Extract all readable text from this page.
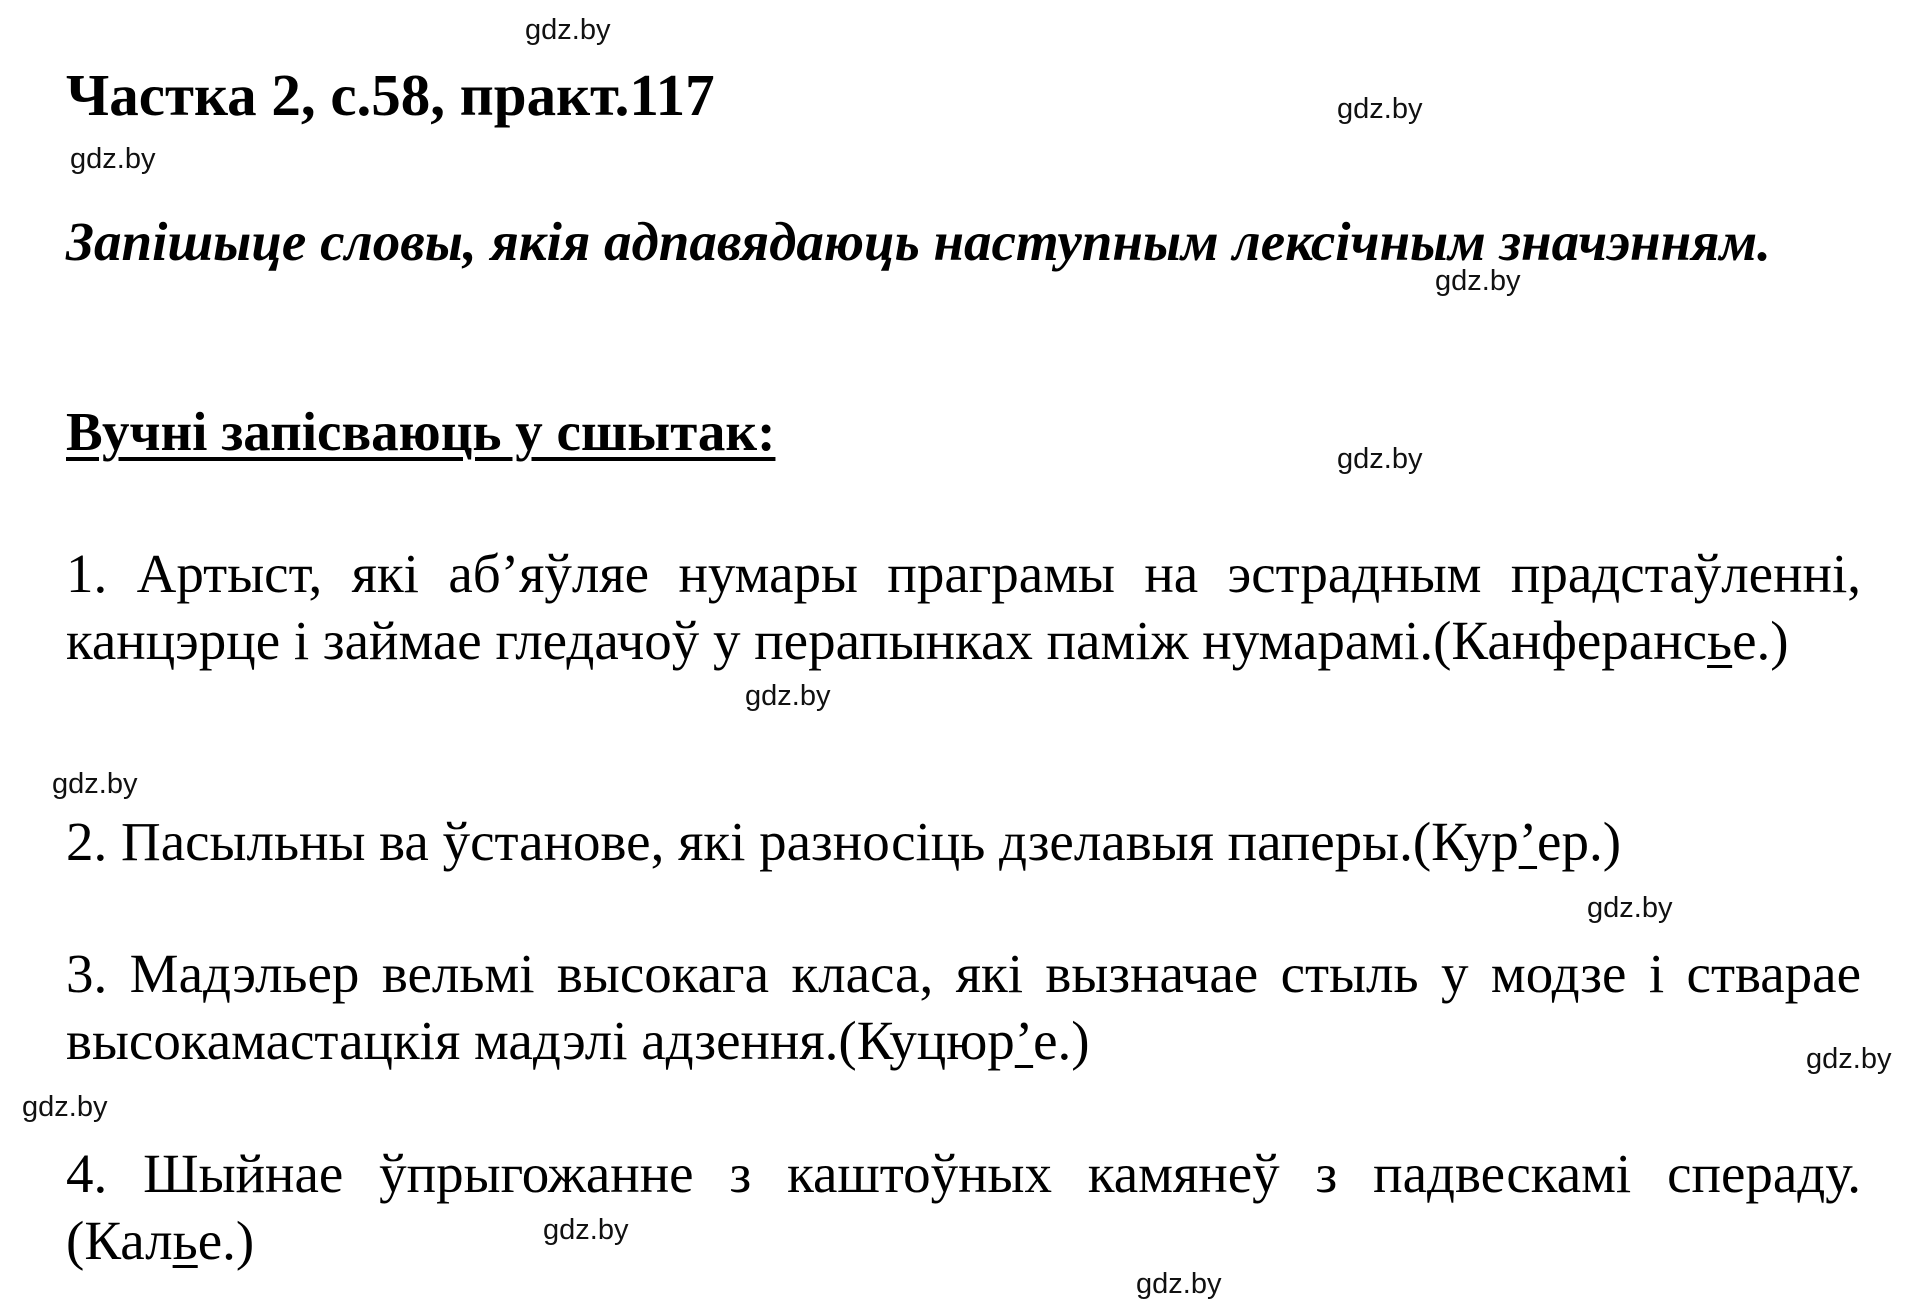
gdz.by
gdz.by
gdz.by
gdz.by
gdz.by
gdz.by
gdz.by
gdz.by
gdz.by
gdz.by
gdz.by
gdz.by
Частка 2, с.58, практ.117
Запішыце словы, якія адпавядаюць наступным лексічным значэнням.
Вучні запісваюць у сшытак:
1. Артыст, які аб’яўляе нумары праграмы на эстрадным прадстаўленні, канцэрце і займае гледачоў у перапынках паміж нумарамі.(Канферансье.)
2. Пасыльны ва ўстанове, які разносіць дзелавыя паперы.(Кур’ер.)
3. Мадэльер вельмі высокага класа, які вызначае стыль у модзе і стварае высокамастацкія мадэлі адзення.(Куцюр’е.)
4. Шыйнае ўпрыгожанне з каштоўных камянеў з падвескамі спераду.(Калье.)
